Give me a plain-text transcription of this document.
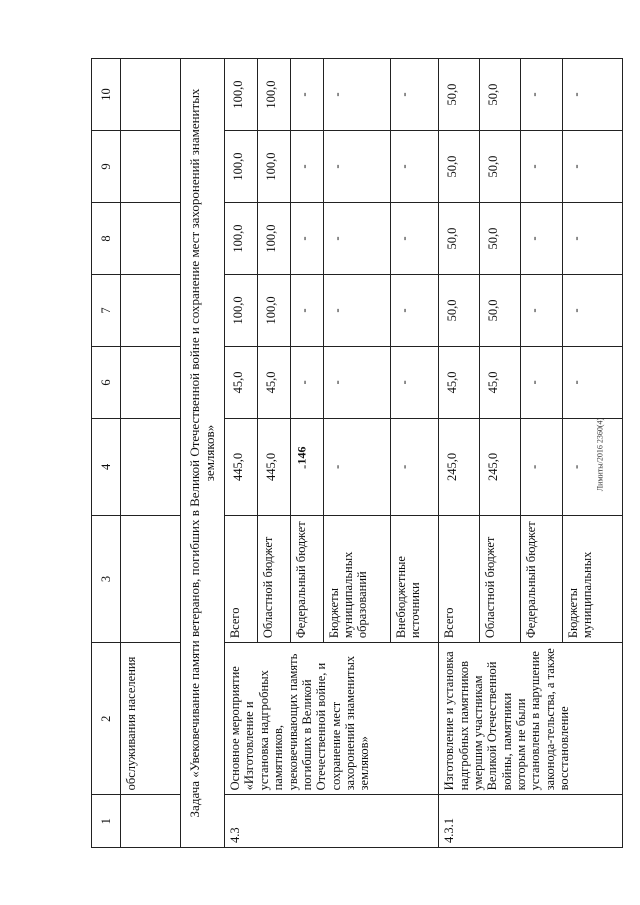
146	Лимиты/2016 2360(4)
1	2	3	4	6	7	8	9	10
	обслуживания населения							
Задача «Увековечивание памяти ветеранов, погибших в Великой Отечественной войне и сохранение мест захоронений знаменитых земляков»								
4.3	Основное мероприятие «Изготовление и установка надгробных памятников, увековечивающих память погибших в Великой Отечественной войне, и сохранение мест захоронений знаменитых земляков»	Всего	445,0	45,0	100,0	100,0	100,0	100,0
		Областной бюджет	445,0	45,0	100,0	100,0	100,0	100,0
		Федеральный бюджет	-	-	-	-	-	-
		Бюджеты муниципальных образований	-	-	-	-	-	-
		Внебюджетные источники	-	-	-	-	-	-
4.3.1	Изготовление и установка надгробных памятников умершим участникам Великой Отечественной войны, памятники которым не были установлены в нарушение законода-тельства, а также восстановление	Всего	245,0	45,0	50,0	50,0	50,0	50,0
		Областной бюджет	245,0	45,0	50,0	50,0	50,0	50,0
		Федеральный бюджет	-	-	-	-	-	-
		Бюджеты муниципальных	-	-	-	-	-	-
